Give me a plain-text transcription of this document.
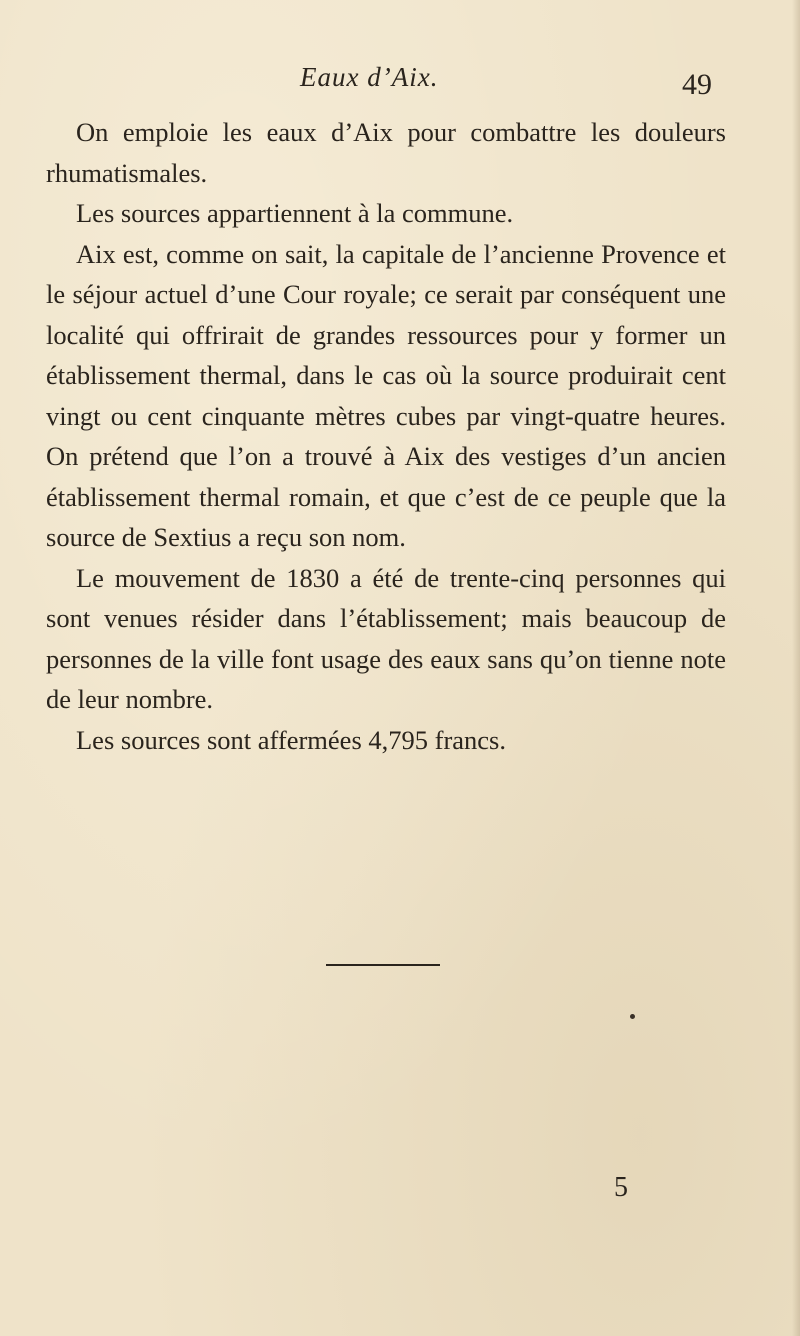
Eaux d’Aix.	49

On emploie les eaux d’Aix pour combattre les douleurs rhumatismales.

Les sources appartiennent à la commune.

Aix est, comme on sait, la capitale de l’ancienne Provence et le séjour actuel d’une Cour royale; ce serait par conséquent une localité qui offrirait de grandes ressources pour y former un établissement thermal, dans le cas où la source produirait cent vingt ou cent cinquante mètres cubes par vingt-quatre heures. On prétend que l’on a trouvé à Aix des vestiges d’un ancien établissement thermal romain, et que c’est de ce peuple que la source de Sextius a reçu son nom.

Le mouvement de 1830 a été de trente-cinq personnes qui sont venues résider dans l’établissement; mais beaucoup de personnes de la ville font usage des eaux sans qu’on tienne note de leur nombre.

Les sources sont affermées 4,795 francs.

5
